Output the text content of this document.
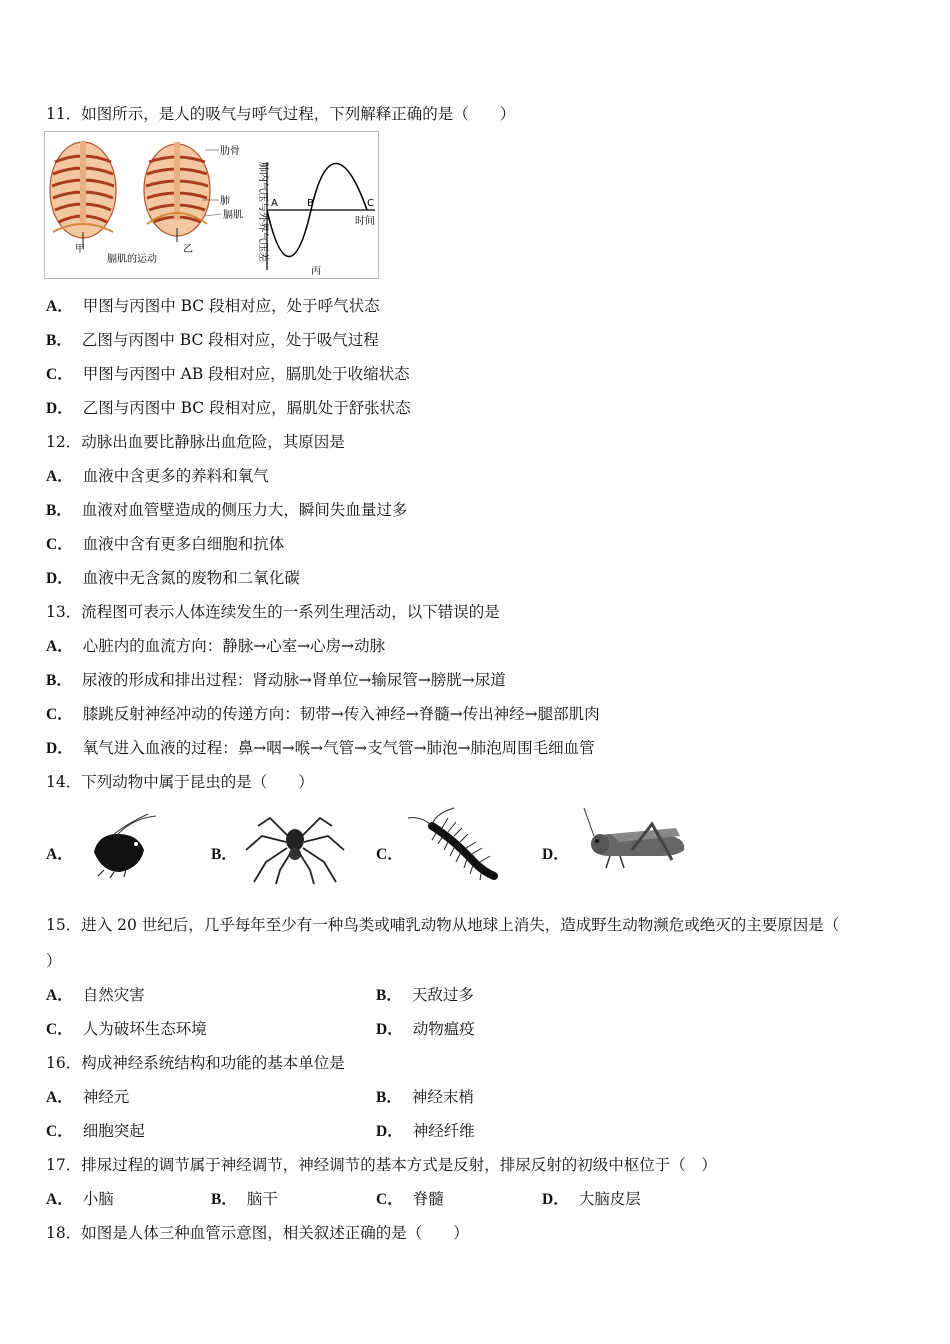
11．如图所示，是人的吸气与呼气过程，下列解释正确的是（　　）
肋骨
肺
膈肌
甲	乙
膈肌的运动	肺内气压与外界气压差 A	B	C
时间
丙
A． 甲图与丙图中 BC 段相对应，处于呼气状态
B． 乙图与丙图中 BC 段相对应，处于吸气过程
C． 甲图与丙图中 AB 段相对应，膈肌处于收缩状态
D． 乙图与丙图中 BC 段相对应，膈肌处于舒张状态
12．动脉出血要比静脉出血危险，其原因是
A． 血液中含更多的养料和氧气
B． 血液对血管壁造成的侧压力大，瞬间失血量过多
C． 血液中含有更多白细胞和抗体
D． 血液中无含氮的废物和二氧化碳
13．流程图可表示人体连续发生的一系列生理活动，以下错误的是
A． 心脏内的血流方向：静脉→心室→心房→动脉
B． 尿液的形成和排出过程：肾动脉→肾单位→输尿管→膀胱→尿道
C． 膝跳反射神经冲动的传递方向：韧带→传入神经→脊髓→传出神经→腿部肌肉
D． 氧气进入血液的过程：鼻→咽→喉→气管→支气管→肺泡→肺泡周围毛细血管
14．下列动物中属于昆虫的是（　　）
A．	B．	C．	D．
15．进入 20 世纪后，几乎每年至少有一种鸟类或哺乳动物从地球上消失，造成野生动物濒危或绝灭的主要原因是（
）
A． 自然灾害	B． 天敌过多
C． 人为破坏生态环境	D． 动物瘟疫
16．构成神经系统结构和功能的基本单位是
A． 神经元	B． 神经末梢
C． 细胞突起	D． 神经纤维
17．排尿过程的调节属于神经调节，神经调节的基本方式是反射，排尿反射的初级中枢位于（　）
A． 小脑	B． 脑干	C． 脊髓	D． 大脑皮层
18．如图是人体三种血管示意图，相关叙述正确的是（　　）
